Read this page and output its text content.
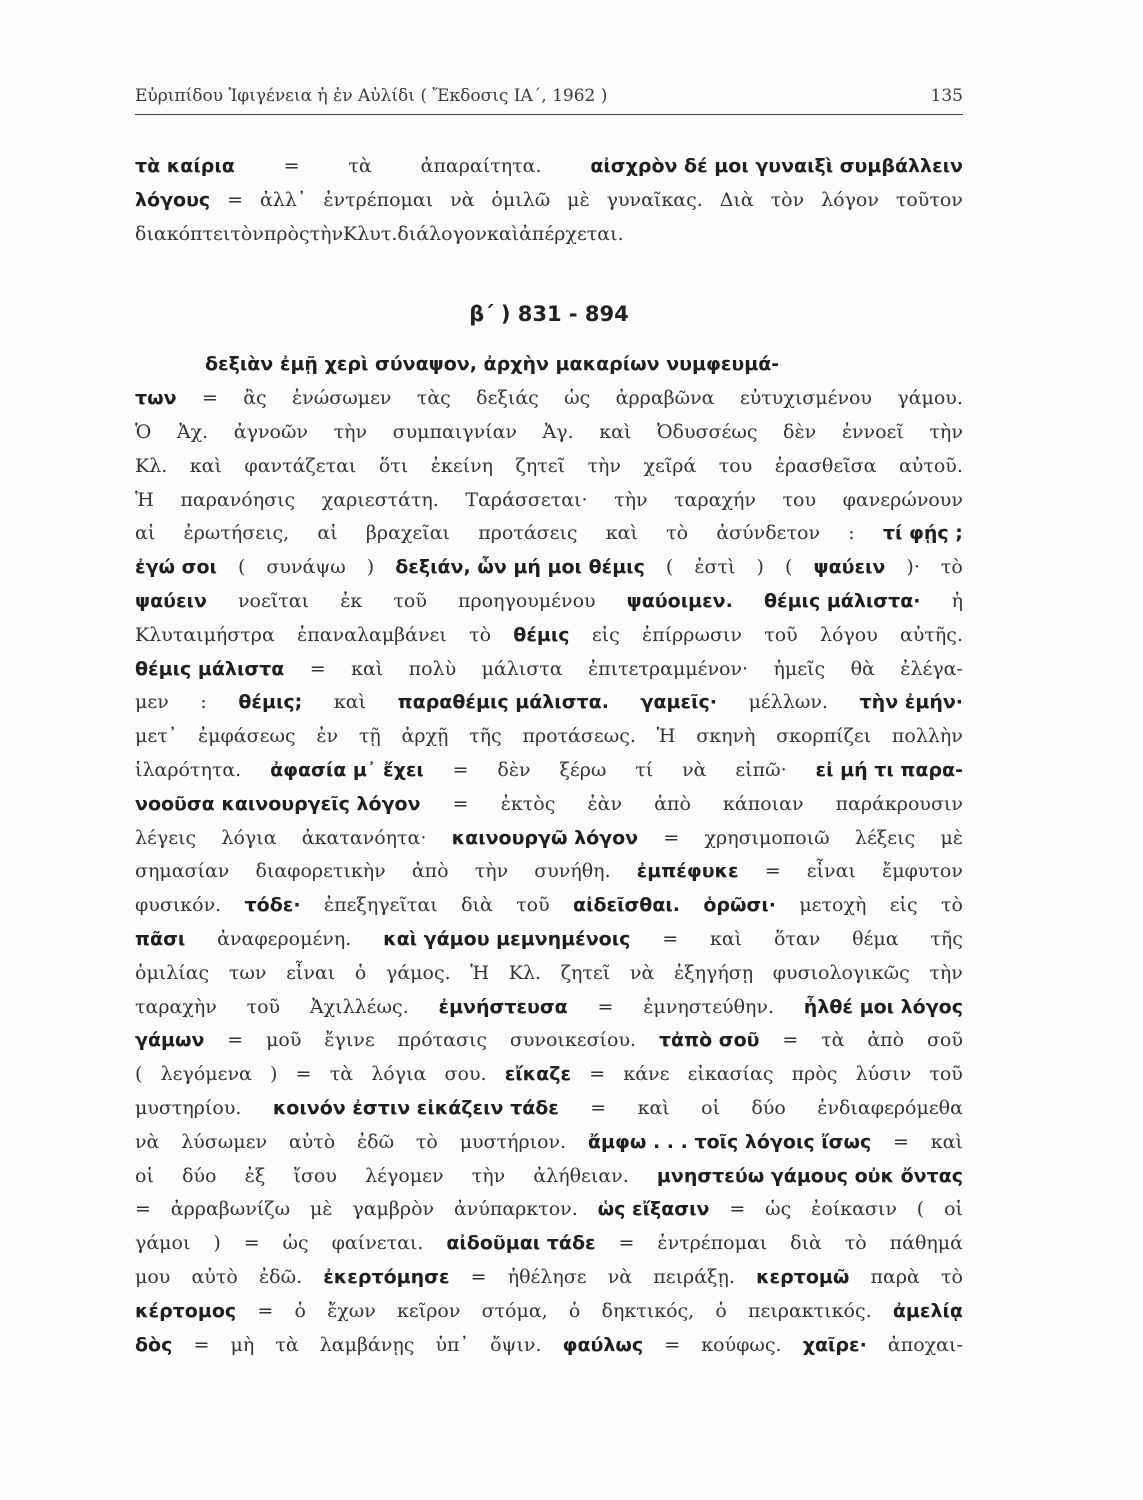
Εὐριπίδου Ἰφιγένεια ἡ ἐν Αὐλίδι ( Ἔκδοσις ΙΑ΄, 1962 )	135
τὰ καίρια	=	τὰ	ἀπαραίτητα.	αἰσχρὸν δέ μοι γυναιξὶ συμβάλλειν
λόγους = ἀλλ᾽ ἐντρέπομαι νὰ ὁμιλῶ μὲ γυναῖκας. Διὰ τὸν λόγον τοῦτον
διακόπτει τὸν πρὸς τὴν Κλυτ. διάλογον καὶ ἀπέρχεται.
β΄ ) 831 - 894
δεξιὰν ἐμῇ χερὶ σύναψον, ἀρχὴν μακαρίων νυμφευμά-
των = ἂς ἑνώσωμεν τὰς δεξιάς ὡς ἀρραβῶνα εὐτυχισμένου γάμου.
Ὁ Ἀχ. ἀγνοῶν τὴν συμπαιγνίαν Ἀγ. καὶ Ὀδυσσέως δὲν ἐννοεῖ τὴν
Κλ. καὶ φαντάζεται ὅτι ἐκείνη ζητεῖ τὴν χεῖρά του ἐρασθεῖσα αὐτοῦ.
Ἡ παρανόησις χαριεστάτη. Ταράσσεται· τὴν ταραχήν του φανερώνουν
αἱ ἐρωτήσεις, αἱ βραχεῖαι προτάσεις καὶ τὸ ἀσύνδετον : τί φῄς ;
ἐγώ σοι ( συνάψω ) δεξιάν, ὧν μή μοι θέμις ( ἐστὶ ) ( ψαύειν )· τὸ
ψαύειν νοεῖται ἐκ τοῦ προηγουμένου ψαύοιμεν. θέμις μάλιστα· ἡ
Κλυταιμήστρα ἐπαναλαμβάνει τὸ θέμις εἰς ἐπίρρωσιν τοῦ λόγου αὐτῆς.
θέμις μάλιστα = καὶ πολὺ μάλιστα ἐπιτετραμμένον· ἡμεῖς θὰ ἐλέγα-
μεν : θέμις; καὶ παραθέμις μάλιστα. γαμεῖς· μέλλων. τὴν ἐμήν·
μετ᾽ ἐμφάσεως ἐν τῇ ἀρχῇ τῆς προτάσεως. Ἡ σκηνὴ σκορπίζει πολλὴν
ἱλαρότητα. ἀφασία μ᾽ ἔχει = δὲν ξέρω τί νὰ εἰπῶ· εἰ μή τι παρα-
νοοῦσα καινουργεῖς λόγον = ἐκτὸς ἐὰν ἀπὸ κάποιαν παράκρουσιν
λέγεις λόγια ἀκατανόητα· καινουργῶ λόγον = χρησιμοποιῶ λέξεις μὲ
σημασίαν διαφορετικὴν ἀπὸ τὴν συνήθη. ἐμπέφυκε = εἶναι ἔμφυτον
φυσικόν. τόδε· ἐπεξηγεῖται διὰ τοῦ αἰδεῖσθαι. ὁρῶσι· μετοχὴ εἰς τὸ
πᾶσι ἀναφερομένη. καὶ γάμου μεμνημένοις = καὶ ὅταν θέμα τῆς
ὁμιλίας των εἶναι ὁ γάμος. Ἡ Κλ. ζητεῖ νὰ ἐξηγήσῃ φυσιολογικῶς τὴν
ταραχὴν τοῦ Ἀχιλλέως. ἐμνήστευσα = ἐμνηστεύθην. ἦλθέ μοι λόγος
γάμων = μοῦ ἔγινε πρότασις συνοικεσίου. τἀπὸ σοῦ = τὰ ἀπὸ σοῦ
( λεγόμενα ) = τὰ λόγια σου. εἴκαζε = κάνε εἰκασίας πρὸς λύσιν τοῦ
μυστηρίου. κοινόν ἐστιν εἰκάζειν τάδε = καὶ οἱ δύο ἐνδιαφερόμεθα
νὰ λύσωμεν αὐτὸ ἐδῶ τὸ μυστήριον. ἄμφω . . . τοῖς λόγοις ἴσως = καὶ
οἱ δύο ἐξ ἴσου λέγομεν τὴν ἀλήθειαν. μνηστεύω γάμους οὐκ ὄντας
= ἀρραβωνίζω μὲ γαμβρὸν ἀνύπαρκτον. ὡς εἴξασιν = ὡς ἐοίκασιν ( οἱ
γάμοι ) = ὡς φαίνεται. αἰδοῦμαι τάδε = ἐντρέπομαι διὰ τὸ πάθημά
μου αὐτὸ ἐδῶ. ἐκερτόμησε = ἠθέλησε νὰ πειράξῃ. κερτομῶ παρὰ τὸ
κέρτομος = ὁ ἔχων κεῖρον στόμα, ὁ δηκτικός, ὁ πειρακτικός. ἀμελίᾳ
δὸς = μὴ τὰ λαμβάνῃς ὑπ᾽ ὄψιν. φαύλως = κούφως. χαῖρε· ἀποχαι-
